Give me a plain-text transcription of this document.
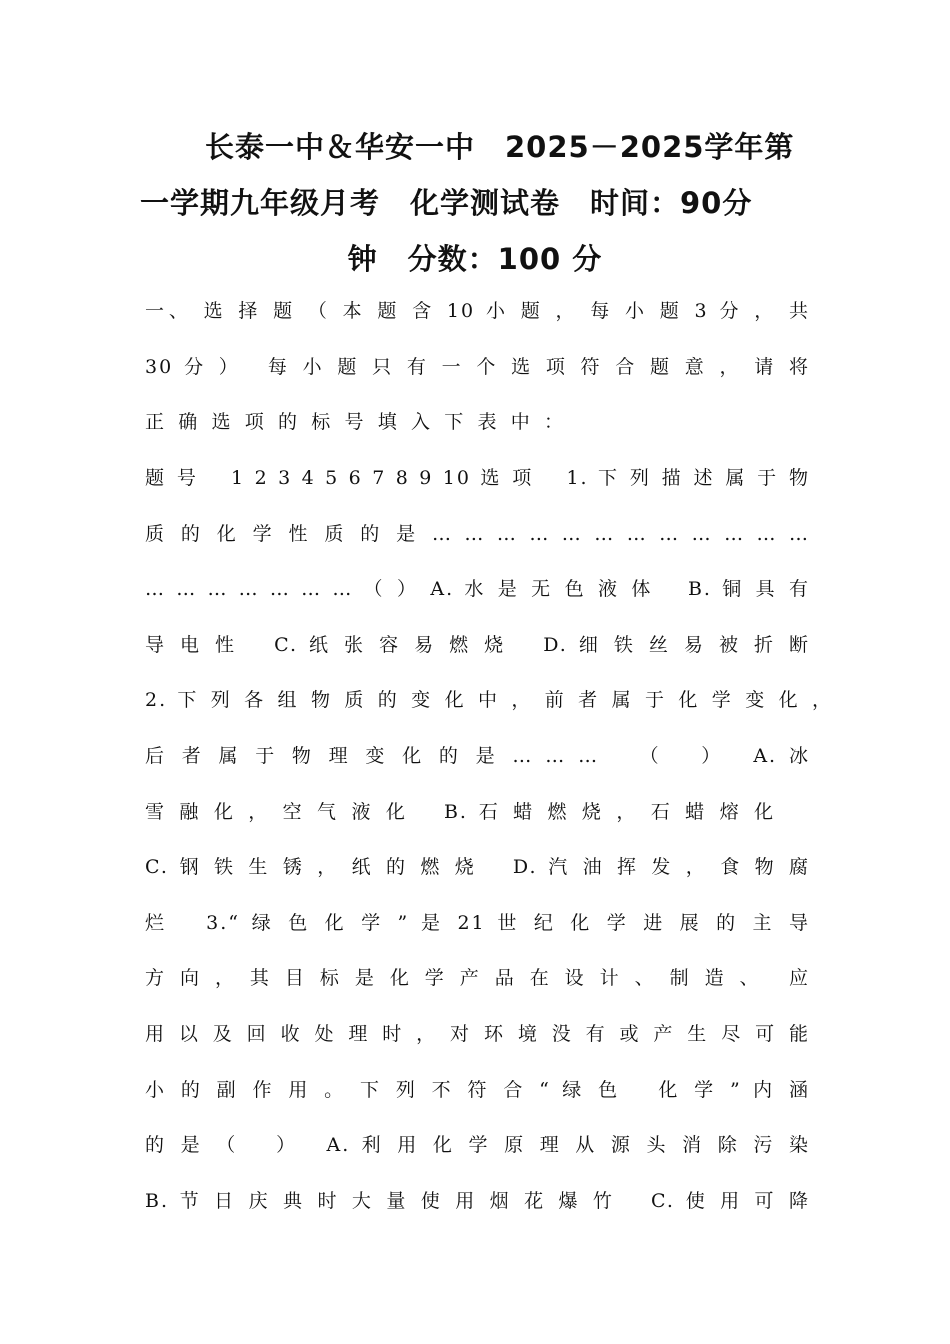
长泰一中＆华安一中　2025－2025学年第
一学期九年级月考　化学测试卷　时间：90分
钟　分数：100 分
一、 选 择 题 （ 本 题 含 10 小 题 ， 每 小 题 3 分 ， 共
30 分 ）　 每 小 题 只 有 一 个 选 项 符 合 题 意 ， 请 将
正 确 选 项 的 标 号 填 入 下 表 中 ：
题 号　 1 2 3 4 5 6 7 8 9 10 选 项　 1. 下 列 描 述 属 于 物
质 的 化 学 性 质 的 是 … … … … … … … … … … … …
… … … … … … … （ ） A. 水 是 无 色 液 体　 B. 铜 具 有
导 电 性　 C. 纸 张 容 易 燃 烧　 D. 细 铁 丝 易 被 折 断
2. 下 列 各 组 物 质 的 变 化 中 ， 前 者 属 于 化 学 变 化 ，
后 者 属 于 物 理 变 化 的 是 … … …　 （　 ）　 A. 冰
雪 融 化 ， 空 气 液 化　 B. 石 蜡 燃 烧 ， 石 蜡 熔 化
C. 钢 铁 生 锈 ， 纸 的 燃 烧　 D. 汽 油 挥 发 ， 食 物 腐
烂　 3.“ 绿 色 化 学 ” 是 21 世 纪 化 学 进 展 的 主 导
方 向 ， 其 目 标 是 化 学 产 品 在 设 计 、 制 造 、　 应
用 以 及 回 收 处 理 时 ， 对 环 境 没 有 或 产 生 尽 可 能
小 的 副 作 用 。 下 列 不 符 合 “ 绿 色　 化 学 ” 内 涵
的 是 （　 ）　 A. 利 用 化 学 原 理 从 源 头 消 除 污 染
B. 节 日 庆 典 时 大 量 使 用 烟 花 爆 竹　 C. 使 用 可 降
